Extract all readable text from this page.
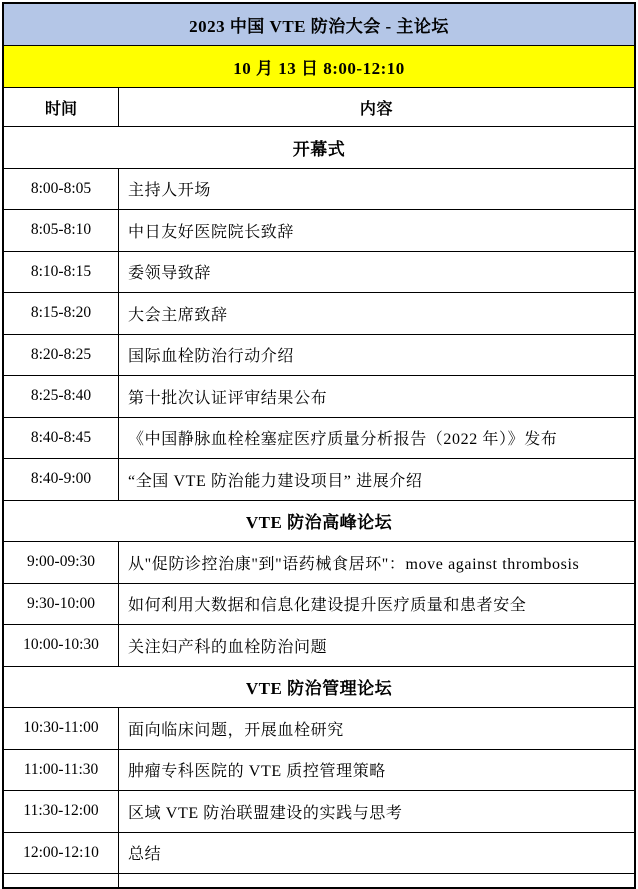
2023 中国 VTE 防治大会 - 主论坛
10 月 13 日 8:00-12:10
时间	内容
开幕式
8:00-8:05	主持人开场
8:05-8:10	中日友好医院院长致辞
8:10-8:15	委领导致辞
8:15-8:20	大会主席致辞
8:20-8:25	国际血栓防治行动介绍
8:25-8:40	第十批次认证评审结果公布
8:40-8:45	《中国静脉血栓栓塞症医疗质量分析报告（2022 年）》发布
8:40-9:00	“全国 VTE 防治能力建设项目” 进展介绍
VTE 防治高峰论坛
9:00-09:30	从"促防诊控治康"到"语药械食居环"：move against thrombosis
9:30-10:00	如何利用大数据和信息化建设提升医疗质量和患者安全
10:00-10:30	关注妇产科的血栓防治问题
VTE 防治管理论坛
10:30-11:00	面向临床问题，开展血栓研究
11:00-11:30	肿瘤专科医院的 VTE 质控管理策略
11:30-12:00	区域 VTE 防治联盟建设的实践与思考
12:00-12:10	总结
